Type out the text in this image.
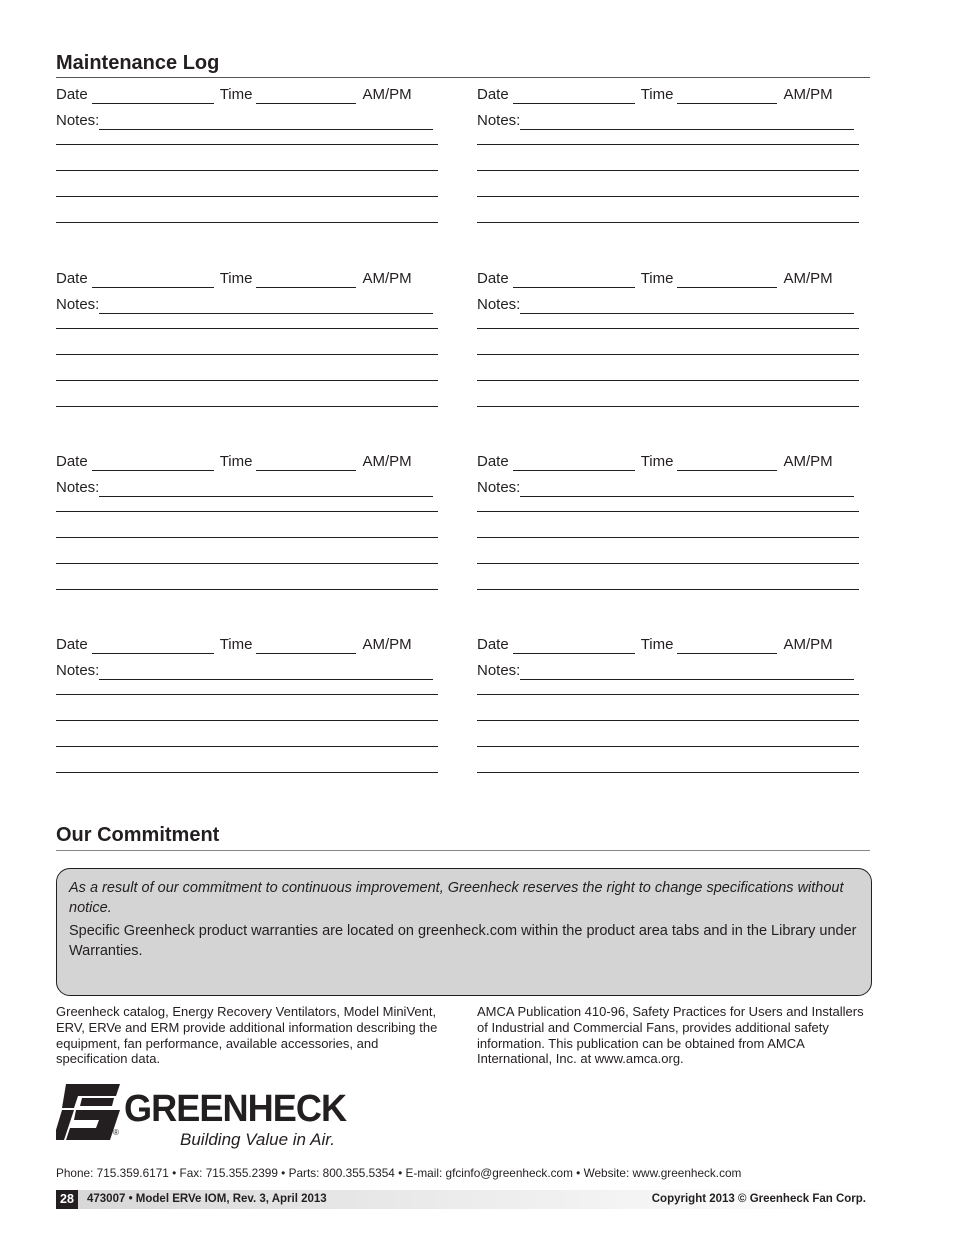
Maintenance Log
Date	Time	AM/PM
Notes:
Date	Time	AM/PM
Notes:
Date	Time	AM/PM
Notes:
Date	Time	AM/PM
Notes:
Date	Time	AM/PM
Notes:
Date	Time	AM/PM
Notes:
Date	Time	AM/PM
Notes:
Date	Time	AM/PM
Notes:
Our Commitment

As a result of our commitment to continuous improvement, Greenheck reserves the right to change specifications without notice.

Specific Greenheck product warranties are located on greenheck.com within the product area tabs and in the Library under Warranties.

Greenheck catalog, Energy Recovery Ventilators, Model MiniVent, ERV, ERVe and ERM provide additional information describing the equipment, fan performance, available accessories, and specification data.

AMCA Publication 410-96, Safety Practices for Users and Installers of Industrial and Commercial Fans, provides additional safety information. This publication can be obtained from AMCA International, Inc. at www.amca.org.

®
GREENHECK
Building Value in Air.
Phone: 715.359.6171 • Fax: 715.355.2399 • Parts: 800.355.5354 • E-mail: gfcinfo@greenheck.com • Website: www.greenheck.com
28	473007 • Model ERVe IOM, Rev. 3, April 2013	Copyright 2013 © Greenheck Fan Corp.
